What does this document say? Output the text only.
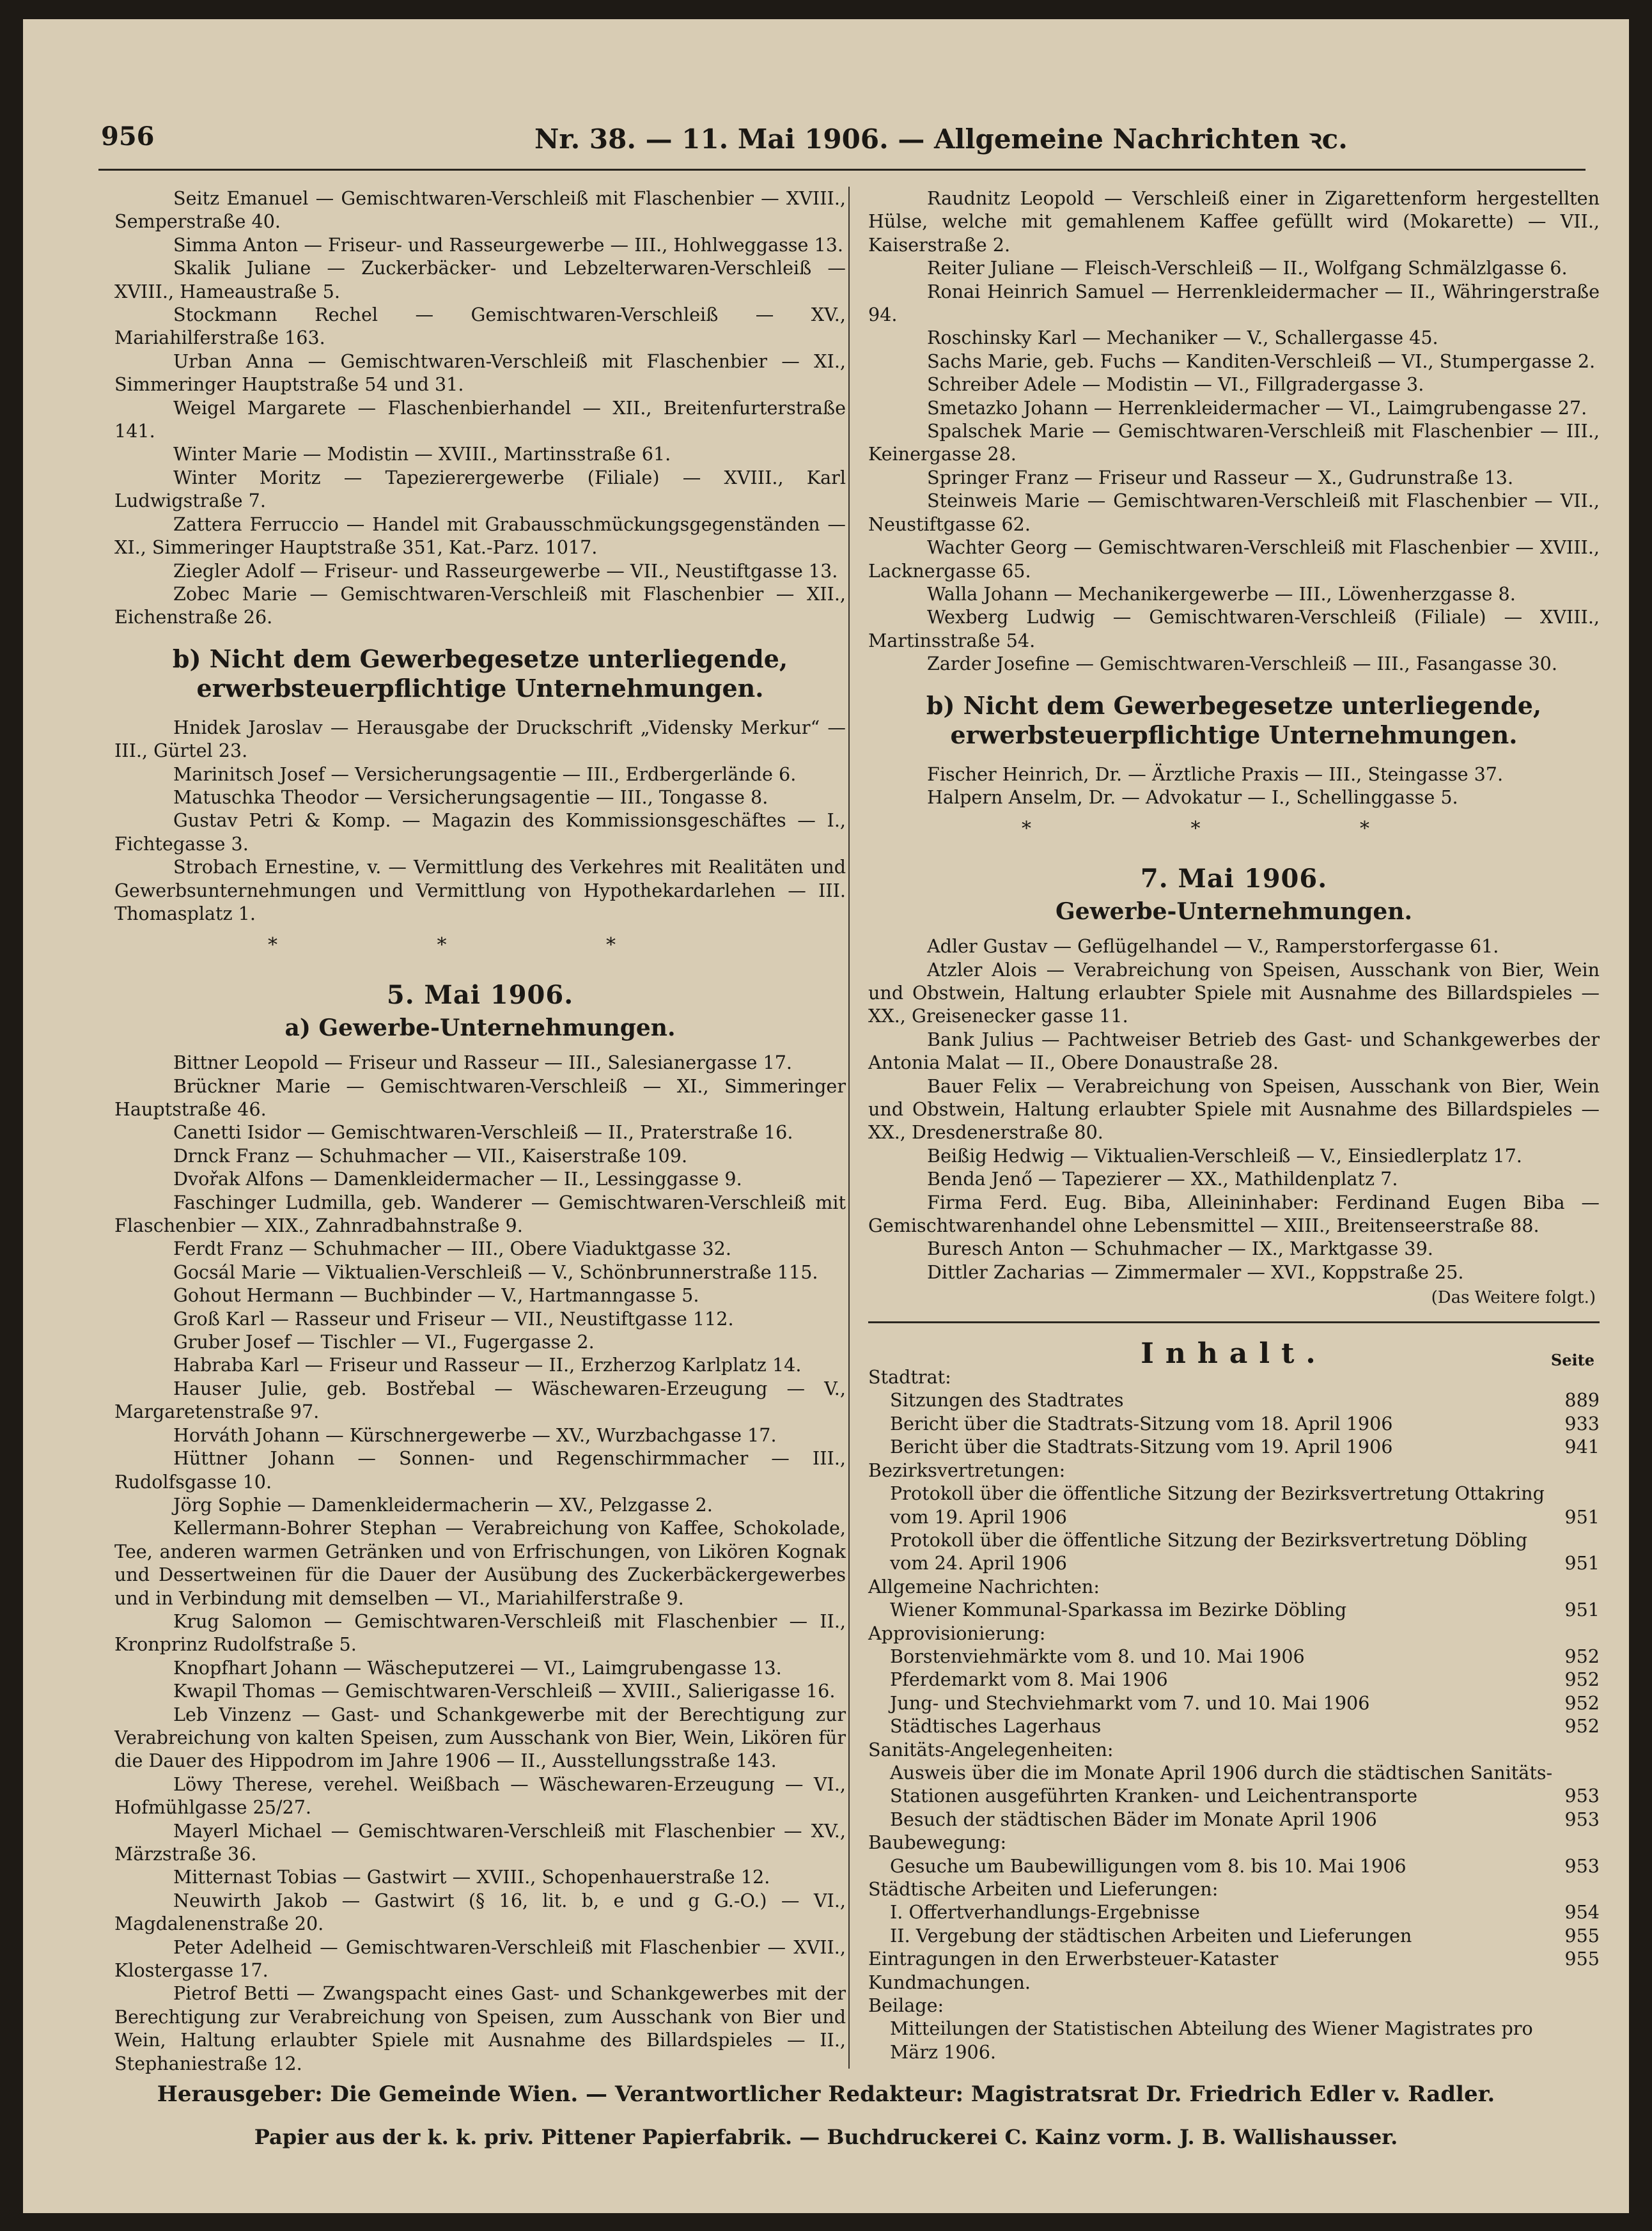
956	Nr. 38. — 11. Mai 1906. — Allgemeine Nachrichten ꝛc.

Seitz Emanuel — Gemischtwaren-Verschleiß mit Flaschenbier — XVIII., Semperstraße 40.

Simma Anton — Friseur- und Rasseurgewerbe — III., Hohlweggasse 13.

Skalik Juliane — Zuckerbäcker- und Lebzelterwaren-Verschleiß — XVIII., Hameaustraße 5.

Stockmann Rechel — Gemischtwaren-Verschleiß — XV., Mariahilferstraße 163.

Urban Anna — Gemischtwaren-Verschleiß mit Flaschenbier — XI., Simmeringer Hauptstraße 54 und 31.

Weigel Margarete — Flaschenbierhandel — XII., Breitenfurterstraße 141.

Winter Marie — Modistin — XVIII., Martinsstraße 61.

Winter Moritz — Tapezierergewerbe (Filiale) — XVIII., Karl Ludwigstraße 7.

Zattera Ferruccio — Handel mit Grabausschmückungsgegenständen — XI., Simmeringer Hauptstraße 351, Kat.-Parz. 1017.

Ziegler Adolf — Friseur- und Rasseurgewerbe — VII., Neustiftgasse 13.

Zobec Marie — Gemischtwaren-Verschleiß mit Flaschenbier — XII., Eichenstraße 26.

b) Nicht dem Gewerbegesetze unterliegende, erwerbsteuerpflichtige Unternehmungen.

Hnidek Jaroslav — Herausgabe der Druckschrift „Vidensky Merkur“ — III., Gürtel 23.

Marinitsch Josef — Versicherungsagentie — III., Erdbergerlände 6.

Matuschka Theodor — Versicherungsagentie — III., Tongasse 8.

Gustav Petri & Komp. — Magazin des Kommissionsgeschäftes — I., Fichtegasse 3.

Strobach Ernestine, v. — Vermittlung des Verkehres mit Realitäten und Gewerbsunternehmungen und Vermittlung von Hypothekardarlehen — III. Thomasplatz 1.

* * *
5. Mai 1906.
a) Gewerbe-Unternehmungen.

Bittner Leopold — Friseur und Rasseur — III., Salesianergasse 17.

Brückner Marie — Gemischtwaren-Verschleiß — XI., Simmeringer Hauptstraße 46.

Canetti Isidor — Gemischtwaren-Verschleiß — II., Praterstraße 16.

Drnck Franz — Schuhmacher — VII., Kaiserstraße 109.

Dvořak Alfons — Damenkleidermacher — II., Lessinggasse 9.

Faschinger Ludmilla, geb. Wanderer — Gemischtwaren-Verschleiß mit Flaschenbier — XIX., Zahnradbahnstraße 9.

Ferdt Franz — Schuhmacher — III., Obere Viaduktgasse 32.

Gocsál Marie — Viktualien-Verschleiß — V., Schönbrunnerstraße 115.

Gohout Hermann — Buchbinder — V., Hartmanngasse 5.

Groß Karl — Rasseur und Friseur — VII., Neustiftgasse 112.

Gruber Josef — Tischler — VI., Fugergasse 2.

Habraba Karl — Friseur und Rasseur — II., Erzherzog Karlplatz 14.

Hauser Julie, geb. Bostřebal — Wäschewaren-Erzeugung — V., Margaretenstraße 97.

Horváth Johann — Kürschnergewerbe — XV., Wurzbachgasse 17.

Hüttner Johann — Sonnen- und Regenschirmmacher — III., Rudolfsgasse 10.

Jörg Sophie — Damenkleidermacherin — XV., Pelzgasse 2.

Kellermann-Bohrer Stephan — Verabreichung von Kaffee, Schokolade, Tee, anderen warmen Getränken und von Erfrischungen, von Likören Kognak und Dessertweinen für die Dauer der Ausübung des Zuckerbäckergewerbes und in Verbindung mit demselben — VI., Mariahilferstraße 9.

Krug Salomon — Gemischtwaren-Verschleiß mit Flaschenbier — II., Kronprinz Rudolfstraße 5.

Knopfhart Johann — Wäscheputzerei — VI., Laimgrubengasse 13.

Kwapil Thomas — Gemischtwaren-Verschleiß — XVIII., Salierigasse 16.

Leb Vinzenz — Gast- und Schankgewerbe mit der Berechtigung zur Verabreichung von kalten Speisen, zum Ausschank von Bier, Wein, Likören für die Dauer des Hippodrom im Jahre 1906 — II., Ausstellungsstraße 143.

Löwy Therese, verehel. Weißbach — Wäschewaren-Erzeugung — VI., Hofmühlgasse 25/27.

Mayerl Michael — Gemischtwaren-Verschleiß mit Flaschenbier — XV., Märzstraße 36.

Mitternast Tobias — Gastwirt — XVIII., Schopenhauerstraße 12.

Neuwirth Jakob — Gastwirt (§ 16, lit. b, e und g G.-O.) — VI., Magdalenenstraße 20.

Peter Adelheid — Gemischtwaren-Verschleiß mit Flaschenbier — XVII., Klostergasse 17.

Pietrof Betti — Zwangspacht eines Gast- und Schankgewerbes mit der Berechtigung zur Verabreichung von Speisen, zum Ausschank von Bier und Wein, Haltung erlaubter Spiele mit Ausnahme des Billardspieles — II., Stephaniestraße 12.

Raudnitz Leopold — Verschleiß einer in Zigarettenform hergestellten Hülse, welche mit gemahlenem Kaffee gefüllt wird (Mokarette) — VII., Kaiserstraße 2.

Reiter Juliane — Fleisch-Verschleiß — II., Wolfgang Schmälzlgasse 6.

Ronai Heinrich Samuel — Herrenkleidermacher — II., Währingerstraße 94.

Roschinsky Karl — Mechaniker — V., Schallergasse 45.

Sachs Marie, geb. Fuchs — Kanditen-Verschleiß — VI., Stumpergasse 2.

Schreiber Adele — Modistin — VI., Fillgradergasse 3.

Smetazko Johann — Herrenkleidermacher — VI., Laimgrubengasse 27.

Spalschek Marie — Gemischtwaren-Verschleiß mit Flaschenbier — III., Keinergasse 28.

Springer Franz — Friseur und Rasseur — X., Gudrunstraße 13.

Steinweis Marie — Gemischtwaren-Verschleiß mit Flaschenbier — VII., Neustiftgasse 62.

Wachter Georg — Gemischtwaren-Verschleiß mit Flaschenbier — XVIII., Lacknergasse 65.

Walla Johann — Mechanikergewerbe — III., Löwenherzgasse 8.

Wexberg Ludwig — Gemischtwaren-Verschleiß (Filiale) — XVIII., Martinsstraße 54.

Zarder Josefine — Gemischtwaren-Verschleiß — III., Fasangasse 30.

b) Nicht dem Gewerbegesetze unterliegende, erwerbsteuerpflichtige Unternehmungen.

Fischer Heinrich, Dr. — Ärztliche Praxis — III., Steingasse 37.

Halpern Anselm, Dr. — Advokatur — I., Schellinggasse 5.

* * *
7. Mai 1906.
Gewerbe-Unternehmungen.

Adler Gustav — Geflügelhandel — V., Ramperstorfergasse 61.

Atzler Alois — Verabreichung von Speisen, Ausschank von Bier, Wein und Obstwein, Haltung erlaubter Spiele mit Ausnahme des Billardspieles — XX., Greisenecker gasse 11.

Bank Julius — Pachtweiser Betrieb des Gast- und Schankgewerbes der Antonia Malat — II., Obere Donaustraße 28.

Bauer Felix — Verabreichung von Speisen, Ausschank von Bier, Wein und Obstwein, Haltung erlaubter Spiele mit Ausnahme des Billardspieles — XX., Dresdenerstraße 80.

Beißig Hedwig — Viktualien-Verschleiß — V., Einsiedlerplatz 17.

Benda Jenő — Tapezierer — XX., Mathildenplatz 7.

Firma Ferd. Eug. Biba, Alleininhaber: Ferdinand Eugen Biba — Gemischtwarenhandel ohne Lebensmittel — XIII., Breitenseerstraße 88.

Buresch Anton — Schuhmacher — IX., Marktgasse 39.

Dittler Zacharias — Zimmermaler — XVI., Koppstraße 25.

(Das Weitere folgt.)
Inhalt.	Seite
Stadtrat:
Sitzungen des Stadtrates	889
Bericht über die Stadtrats-Sitzung vom 18. April 1906	933
Bericht über die Stadtrats-Sitzung vom 19. April 1906	941
Bezirksvertretungen:
Protokoll über die öffentliche Sitzung der Bezirksvertretung Ottakring vom 19. April 1906	951
Protokoll über die öffentliche Sitzung der Bezirksvertretung Döbling vom 24. April 1906	951
Allgemeine Nachrichten:
Wiener Kommunal-Sparkassa im Bezirke Döbling	951
Approvisionierung:
Borstenviehmärkte vom 8. und 10. Mai 1906	952
Pferdemarkt vom 8. Mai 1906	952
Jung- und Stechviehmarkt vom 7. und 10. Mai 1906	952
Städtisches Lagerhaus	952
Sanitäts-Angelegenheiten:
Ausweis über die im Monate April 1906 durch die städtischen Sanitäts-Stationen ausgeführten Kranken- und Leichentransporte	953
Besuch der städtischen Bäder im Monate April 1906	953
Baubewegung:
Gesuche um Baubewilligungen vom 8. bis 10. Mai 1906	953
Städtische Arbeiten und Lieferungen:
I. Offertverhandlungs-Ergebnisse	954
II. Vergebung der städtischen Arbeiten und Lieferungen	955
Eintragungen in den Erwerbsteuer-Kataster	955
Kundmachungen.
Beilage:
Mitteilungen der Statistischen Abteilung des Wiener Magistrates pro März 1906.
Herausgeber: Die Gemeinde Wien. — Verantwortlicher Redakteur: Magistratsrat Dr. Friedrich Edler v. Radler.
Papier aus der k. k. priv. Pittener Papierfabrik. — Buchdruckerei C. Kainz vorm. J. B. Wallishausser.
